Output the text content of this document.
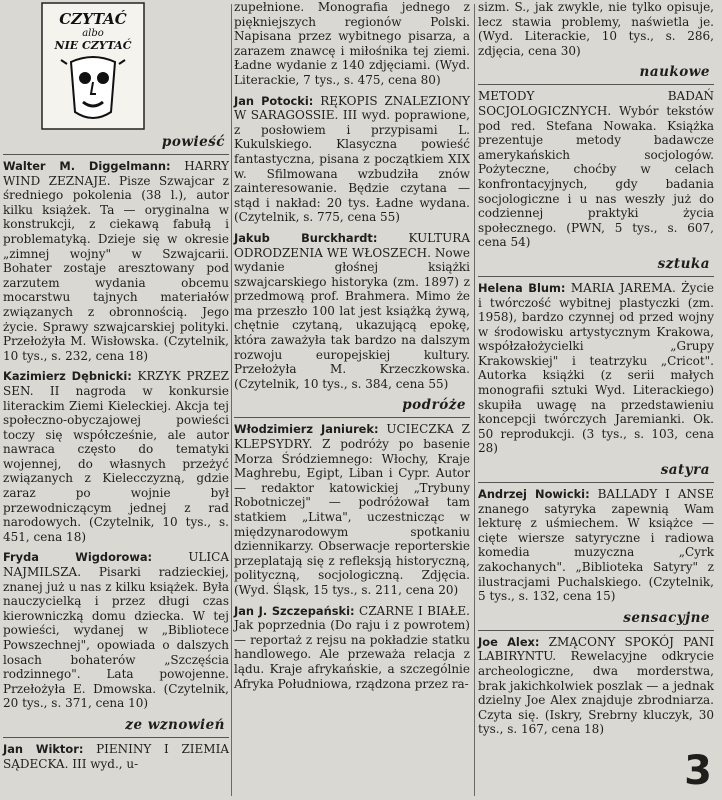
CZYTAĆ
albo
NIE CZYTAĆ
powieść

Walter M. Diggelmann: HARRY WIND ZEZNAJE. Pisze Szwajcar z średniego pokolenia (38 l.), autor kilku książek. Ta — oryginalna w konstrukcji, z ciekawą fabułą i problematyką. Dzieje się w okresie „zimnej wojny" w Szwajcarii. Bohater zostaje aresztowany pod zarzutem wydania obcemu mocarstwu tajnych materiałów związanych z obronnością. Jego życie. Sprawy szwajcarskiej polityki. Przełożyła M. Wisłowska. (Czytelnik, 10 tys., s. 232, cena 18)

Kazimierz Dębnicki: KRZYK PRZEZ SEN. II nagroda w konkursie literackim Ziemi Kieleckiej. Akcja tej społeczno-obyczajowej powieści toczy się współcześnie, ale autor nawraca często do tematyki wojennej, do własnych przeżyć związanych z Kielecczyzną, gdzie zaraz po wojnie był przewodniczącym jednej z rad narodowych. (Czytelnik, 10 tys., s. 451, cena 18)

Fryda Wigdorowa: ULICA NAJMILSZA. Pisarki radzieckiej, znanej już u nas z kilku książek. Była nauczycielką i przez długi czas kierowniczką domu dziecka. W tej powieści, wydanej w „Bibliotece Powszechnej", opowiada o dalszych losach bohaterów „Szczęścia rodzinnego". Lata powojenne. Przełożyła E. Dmowska. (Czytelnik, 20 tys., s. 371, cena 10)

ze wznowień

Jan Wiktor: PIENINY I ZIEMIA SĄDECKA. III wyd., u-

zupełnione. Monografia jednego z piękniejszych regionów Polski. Napisana przez wybitnego pisarza, a zarazem znawcę i miłośnika tej ziemi. Ładne wydanie z 140 zdjęciami. (Wyd. Literackie, 7 tys., s. 475, cena 80)

Jan Potocki: RĘKOPIS ZNALEZIONY W SARAGOSSIE. III wyd. poprawione, z posłowiem i przypisami L. Kukulskiego. Klasyczna powieść fantastyczna, pisana z początkiem XIX w. Sfilmowana wzbudziła znów zainteresowanie. Będzie czytana — stąd i nakład: 20 tys. Ładne wydana. (Czytelnik, s. 775, cena 55)

Jakub Burckhardt: KULTURA ODRODZENIA WE WŁOSZECH. Nowe wydanie głośnej książki szwajcarskiego historyka (zm. 1897) z przedmową prof. Brahmera. Mimo że ma przeszło 100 lat jest książką żywą, chętnie czytaną, ukazującą epokę, która zaważyła tak bardzo na dalszym rozwoju europejskiej kultury. Przełożyła M. Krzeczkowska. (Czytelnik, 10 tys., s. 384, cena 55)

podróże

Włodzimierz Janiurek: UCIECZKA Z KLEPSYDRY. Z podróży po basenie Morza Śródziemnego: Włochy, Kraje Maghrebu, Egipt, Liban i Cypr. Autor — redaktor katowickiej „Trybuny Robotniczej" — podróżował tam statkiem „Litwa", uczestnicząc w międzynarodowym spotkaniu dziennikarzy. Obserwacje reporterskie przeplatają się z refleksją historyczną, polityczną, socjologiczną. Zdjęcia. (Wyd. Śląsk, 15 tys., s. 211, cena 20)

Jan J. Szczepański: CZARNE I BIAŁE. Jak poprzednia (Do raju i z powrotem) — reportaż z rejsu na pokładzie statku handlowego. Ale przeważa relacja z lądu. Kraje afrykańskie, a szczególnie Afryka Południowa, rządzona przez ra-

sizm. S., jak zwykle, nie tylko opisuje, lecz stawia problemy, naświetla je. (Wyd. Literackie, 10 tys., s. 286, zdjęcia, cena 30)

naukowe

METODY BADAŃ SOCJOLOGICZNYCH. Wybór tekstów pod red. Stefana Nowaka. Książka prezentuje metody badawcze amerykańskich socjologów. Pożyteczne, choćby w celach konfrontacyjnych, gdy badania socjologiczne i u nas weszły już do codziennej praktyki życia społecznego. (PWN, 5 tys., s. 607, cena 54)

sztuka

Helena Blum: MARIA JAREMA. Życie i twórczość wybitnej plastyczki (zm. 1958), bardzo czynnej od przed wojny w środowisku artystycznym Krakowa, współzałożycielki „Grupy Krakowskiej" i teatrzyku „Cricot". Autorka książki (z serii małych monografii sztuki Wyd. Literackiego) skupiła uwagę na przedstawieniu koncepcji twórczych Jaremianki. Ok. 50 reprodukcji. (3 tys., s. 103, cena 28)

satyra

Andrzej Nowicki: BALLADY I ANSE znanego satyryka zapewnią Wam lekturę z uśmiechem. W książce — cięte wiersze satyryczne i radiowa komedia muzyczna „Cyrk zakochanych". „Biblioteka Satyry" z ilustracjami Puchalskiego. (Czytelnik, 5 tys., s. 132, cena 15)

sensacyjne

Joe Alex: ZMĄCONY SPOKÓJ PANI LABIRYNTU. Rewelacyjne odkrycie archeologiczne, dwa morderstwa, brak jakichkolwiek poszlak — a jednak dzielny Joe Alex znajduje zbrodniarza. Czyta się. (Iskry, Srebrny kluczyk, 30 tys., s. 167, cena 18)

3
